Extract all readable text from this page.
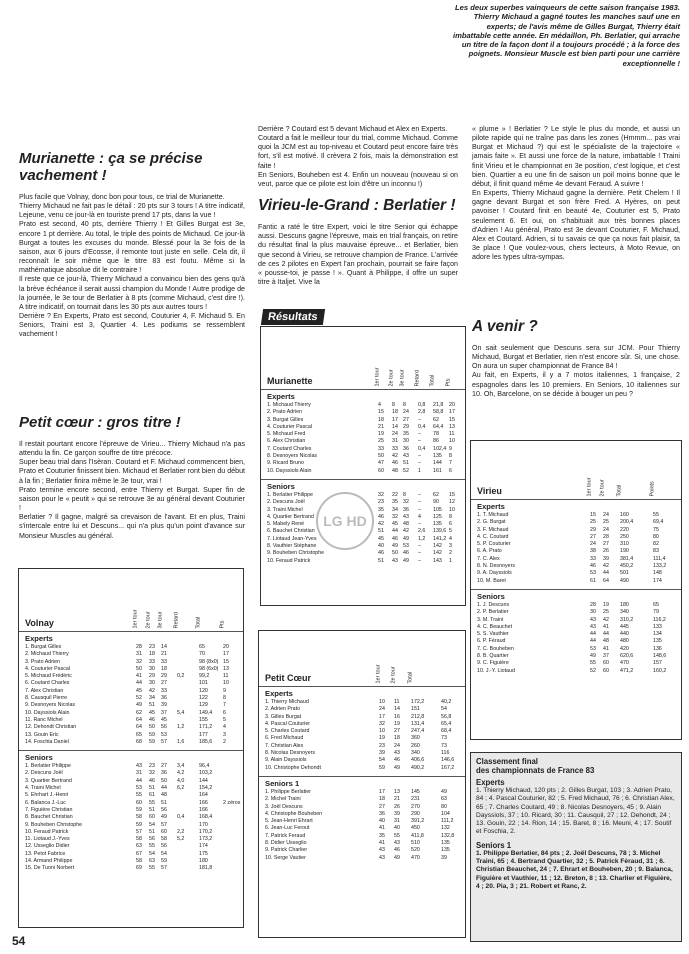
Les deux superbes vainqueurs de cette saison française 1983. Thierry Michaud a gagné toutes les manches sauf une en experts; de l'avis même de Gilles Burgat, Thierry était imbattable cette année. En médaillon, Ph. Berlatier, qui arrache un titre de la façon dont il a toujours procédé ; à la force des poignets. Monsieur Muscle est bien parti pour une carrière exceptionnelle !
Murianette : ça se précise vachement !

Plus facile que Volnay, donc bon pour tous, ce trial de Murianette.

Thierry Michaud ne fait pas le détail : 20 pts sur 3 tours ! A titre indicatif, Lejeune, venu ce jour-là en touriste prend 17 pts, dans la vue !

Prato est second, 40 pts, derrière Thierry ! Et Gilles Burgat est 3e, encore 1 pt derrière. Au total, le triple des points de Michaud. Ce jour-là Burgat a toutes les excuses du monde. Blessé pour la 3e fois de la saison, aux 6 jours d'Ecosse, il remonte tout juste en selle. Cela dit, il reconnaît le soir même que le titre 83 est foutu. Même si la mathématique absolue dit le contraire !

Il reste que ce jour-là, Thierry Michaud a convaincu bien des gens qu'à la brève échéance il serait aussi champion du Monde ! Autre prodige de la journée, le 3e tour de Berlatier à 8 pts (comme Michaud, c'est dire !). A titre indicatif, on tournait dans les 30 pts aux autres tours !

Derrière ? En Experts, Prato est second, Couturier 4, F. Michaud 5. En Seniors, Traini est 3, Quartier 4. Les podiums se ressemblent vachement !

Petit cœur : gros titre !

Il restait pourtant encore l'épreuve de Virieu... Thierry Michaud n'a pas attendu la fin. Ce garçon souffre de titre précoce.

Super beau trial dans l'Isèran. Coutard et F. Michaud commencent bien, Prato et Couturier finissent bien. Michaud et Berlatier ront bien du début à la fin ; Berlatier finira même le 3e tour, vrai !

Prato termine encore second, entre Thierry et Burgat. Super fin de saison pour le « peutit » qui se retrouve 3e au général devant Couturier !

Berlatier ? Il gagne, malgré sa crevaison de l'avant. Et en plus, Traini s'intercale entre lui et Descuns... qui n'a plus qu'un point d'avance sur Monsieur Muscles au général.

Derrière ? Coutard est 5 devant Michaud et Alex en Experts.

Coutard a fait le meilleur tour du trial, comme Michaud. Comme quoi la JCM est au top-niveau et Coutard peut encore faire très fort, s'il est motivé. Il crèvera 2 fois, mais la démonstration est faite !

En Seniors, Bouheben est 4. Enfin un nouveau (nouveau si on veut, parce que ce pilote est loin d'être un inconnu !)

Virieu-le-Grand : Berlatier !

Fantic a raté le titre Expert, voici le titre Senior qui échappe aussi. Descuns gagne l'épreuve, mais en trial français, on retire du résultat final la plus mauvaise épreuve... et Berlatier, bien que second à Virieu, se retrouve champion de France. L'arrivée de ces 2 pilotes en Expert l'an prochain, pourrait se faire façon « pousse-toi, je passe ! ». Quant à Philippe, il offre un super titre à Italjet. Vive la

« plume » ! Berlatier ? Le style le plus du monde, et aussi un pilote rapide qui ne traîne pas dans les zones (Hmmm... pas vrai Burgat et Michaud ?) qui est le spécialiste de la trajectoire « jamais faite ». Et aussi une force de la nature, imbattable ! Traini finit Virieu et le championnat en 3e position, c'est logique, et c'est bien. Quartier a eu une fin de saison un poil moins bonne que le début, il finit quand même 4e devant Feraud. A suivre !

En Experts, Thierry Michaud gagne la dernière. Petit Chelem ! Il gagne devant Burgat et son frère Fred. A Hyères, on peut pavoiser ! Coutard finit en beauté 4e, Couturier est 5, Prato seulement 6. Et oui, on s'habituait aux très bonnes places d'Adrien ! Au général, Prato est 3e devant Couturier, F. Michaud, Alex et Coutard. Adrien, si tu savais ce que ça nous fait plaisir, ta 3e place ! Que voulez-vous, chers lecteurs, à Moto Revue, on adore les types ultra-sympas.

A venir ?

On sait seulement que Descuns sera sur JCM. Pour Thierry Michaud, Burgat et Berlatier, rien n'est encore sûr. Si, une chose. On aura un super championnat de France 84 !

Au fait, en Experts, il y a 7 motos italiennes, 1 française, 2 espagnoles dans les 10 premiers. En Seniors, 10 italiennes sur 10. Oh, Barcelone, on se décide à bouger un peu ?

Résultats
Murianette	1er tour 2e tour 3e tour Retard Total Pts
Experts
1. Michaud Thierry	4 8 8 0,8 21,8 20
2. Prato Adrien	15 18 24 2,8 58,8 17
3. Burgat Gilles	18 17 27 – 62 15
4. Couturier Pascal	21 14 29 0,4 64,4 13
5. Michaud Fred	19 24 35 – 78 11
6. Alex Christian	25 31 30 – 86 10
7. Coutard Charles	33 33 36 0,4 102,4 9
8. Desnoyers Nicolas	50 42 43 – 135 8
9. Ricard Bruno	47 46 51 – 144 7
10. Dayssiols Alain	60 48 52 1 161 6
Seniors
1. Berlatier Philippe	32 22 8 – 62 15
2. Descuns Joël	23 35 32 – 90 12
3. Traini Michel	35 34 36 – 105 10
4. Quartier Bertrand	46 32 43 4 125 8
5. Mabely René	42 45 48 – 135 6
6. Bauchet Christian	51 44 42 2,6 139,6 5
7. Liotaud Jean-Yves	45 46 49 1,2 141,2 4
8. Vauthier Stéphane	40 49 53 – 142 3
9. Bouheben Christophe	46 50 46 – 142 2
10. Feraud Patrick	51 43 49 – 143 1
Volnay	1er tour 2e tour 3e tour Retard	Total	Pts
Experts
1. Burgat Gilles	28 23 14	65	20
2. Michaud Thierry	31 18 21	70	17
3. Prato Adrien	32 33 33	98 (8x0) 15
4. Couturier Pascal	50 30 18	98 (6x0) 13
5. Michaud Frédéric	41 29 29 0,2	99,2	11
6. Coutard Charles	44 30 27	101	10
7. Alex Christian	45 42 33	120	9
8. Causquil Pierre	52 34 36	122	8
9. Desnoyers Nicolas	49 51 39	129	7
10. Dayssiols Alain	62 45 37 5,4	149,4 6
11. Ranc Michel	64 46 45	155	5
12. Dehondt Christian	64 50 56 1,2	171,2 4
13. Gouin Eric	65 59 53	177	3
14. Foschia Daniel	68 59 57 1,6	185,6 2
Seniors
1. Berlatier Philippe	43 23 27 3,4	96,4
2. Descuns Joël	31 32 36 4,2	103,2
3. Quartier Bertrand	44 46 50 4,0	144
4. Traini Michel	53 51 44 6,2	154,2
5. Ehrhart J.-Henri	55 61 48	164
6. Balanca J.-Luc	60 55 51	166	2 zéros
7. Figuière Christian	59 51 56	166
8. Bauchet Christian	58 60 49 0,4	168,4
9. Bouheben Christophe	59 54 57	170
10. Feraud Patrick	57 51 60 2,2	170,2
11. Liotaud J.-Yves	58 56 58 5,2	173,2
12. Usseglio Didier	63 55 56	174
13. Petot Fabrice	67 54 54	175
14. Armand Philippe	58 63 59	180
15. De Tuoni Norbert	69 55 57	181,8
Petit Cœur	1er tour 2e tour Total
Experts
1. Thierry Michaud	10 11 172,2	40,2
2. Adrien Prato	24 14 151	54
3. Gilles Burgat	17 16 212,8	56,8
4. Pascal Couturier	32 19 131,4	65,4
5. Charles Coutard	10 27 247,4	68,4
6. Fred Michaud	19 18 360	73
7. Christian Alex	23 24 260	73
8. Nicolas Desnoyers	39 43 340	116
9. Alain Dayssiols	54 46 406,6	146,6
10. Christophe Dehondt	59 49 490,2	167,2
Seniors 1
1. Philippe Berlatier	17 13 145	49
2. Michel Traini	18 21 231	63
3. Joël Descuns	27 26 270	80
4. Christophe Bouheben	36 39 290	104
5. Jean-Henri Ehrart	40 31 391,2	111,2
6. Jean-Luc Ferout	41 40 450	132
7. Patrick Feraud	35 55 411,8	132,8
8. Didier Usseglio	41 43 510	135
9. Patrick Charlier	43 46 520	135
10. Serge Vautier	43 49 470	39
Virieu	1er tour 2e tour Total	Points
Experts
1. T. Michaud	15 24 160	55
2. G. Burgat	25 25 200,4	69,4
3. F. Michaud	29 24 220	75
4. C. Coutard	27 28 250	80
5. P. Couturier	24 27 310	82
6. A. Prato	38 26 190	83
7. C. Alex	33 39 381,4	111,4
8. N. Desnoyers	46 42 450,2	133,2
9. A. Dayssiols	53 44 501	148
10. M. Baret	61 64 490	174
Seniors
1. J. Descuns	28 19 180	65
2. P. Berlatier	30 25 340	79
3. M. Traini	43 42 310,2	116,2
4. C. Beauchet	43 41 445	133
5. S. Vauthier	44 44 440	134
6. P. Féraud	44 48 480	135
7. C. Bouheben	53 41 420	136
8. B. Quartier	49 37 620,6	148,6
9. C. Figuière	55 60 470	157
10. J.-Y. Liotaud	52 60 471,2	160,2
LG HD
Classement final
des championnats de France 83
Experts
1. Thierry Michaud, 120 pts ; 2. Gilles Burgat, 103 ; 3. Adrien Prato, 84 ; 4. Pascal Couturier, 82 ; 5. Fred Michaud, 76 ; 6. Christian Alex, 65 ; 7. Charles Coutard, 49 ; 8. Nicolas Desnoyers, 45 ; 9. Alain Dayssiols, 37 ; 10. Ricard, 30 ; 11. Causquil, 27 ; 12. Dehondt, 24 ; 13. Gouin, 22 ; 14. Rion, 14 ; 15. Baret, 8 ; 16. Meuni, 4 ; 17. Soutif et Foschia, 2.
Seniors 1
1. Philippe Berlatier, 84 pts ; 2. Joël Descuns, 78 ; 3. Michel Traini, 65 ; 4. Bertrand Quartier, 32 ; 5. Patrick Féraud, 31 ; 6. Christian Beauchet, 24 ; 7. Ehrart et Bouheben, 20 ; 9. Balanca, Figuière et Vauthier, 11 ; 12. Breton, 8 ; 13. Charlier et Figuière, 4 ; 20. Pia, 3 ; 21. Robert et Ranc, 2.
54
